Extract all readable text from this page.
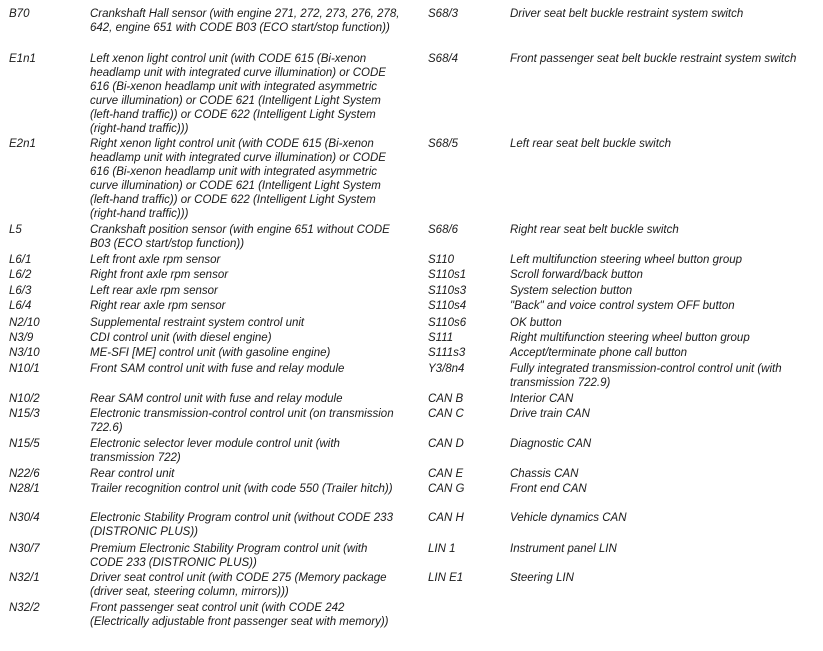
B70	Crankshaft Hall sensor (with engine 271, 272, 273, 276, 278, 642, engine 651 with CODE B03 (ECO start/stop function))
E1n1	Left xenon light control unit (with CODE 615 (Bi-xenon headlamp unit with integrated curve illumination) or CODE 616 (Bi-xenon headlamp unit with integrated asymmetric curve illumination) or CODE 621 (Intelligent Light System (left-hand traffic)) or CODE 622 (Intelligent Light System (right-hand traffic)))
E2n1	Right xenon light control unit (with CODE 615 (Bi-xenon headlamp unit with integrated curve illumination) or CODE 616 (Bi-xenon headlamp unit with integrated asymmetric curve illumination) or CODE 621 (Intelligent Light System (left-hand traffic)) or CODE 622 (Intelligent Light System (right-hand traffic)))
L5	Crankshaft position sensor (with engine 651 without CODE B03 (ECO start/stop function))
L6/1	Left front axle rpm sensor
L6/2	Right front axle rpm sensor
L6/3	Left rear axle rpm sensor
L6/4	Right rear axle rpm sensor
N2/10	Supplemental restraint system control unit
N3/9	CDI control unit (with diesel engine)
N3/10	ME-SFI [ME] control unit (with gasoline engine)
N10/1	Front SAM control unit with fuse and relay module
N10/2	Rear SAM control unit with fuse and relay module
N15/3	Electronic transmission-control control unit (on transmission 722.6)
N15/5	Electronic selector lever module control unit (with transmission 722)
N22/6	Rear control unit
N28/1	Trailer recognition control unit (with code 550 (Trailer hitch))
N30/4	Electronic Stability Program control unit (without CODE 233 (DISTRONIC PLUS))
N30/7	Premium Electronic Stability Program control unit (with CODE 233 (DISTRONIC PLUS))
N32/1	Driver seat control unit (with CODE 275 (Memory package (driver seat, steering column, mirrors)))
N32/2	Front passenger seat control unit (with CODE 242 (Electrically adjustable front passenger seat with memory))
S68/3	Driver seat belt buckle restraint system switch
S68/4	Front passenger seat belt buckle restraint system switch
S68/5	Left rear seat belt buckle switch
S68/6	Right rear seat belt buckle switch
S110	Left multifunction steering wheel button group
S110s1	Scroll forward/back button
S110s3	System selection button
S110s4	"Back" and voice control system OFF button
S110s6	OK button
S111	Right multifunction steering wheel button group
S111s3	Accept/terminate phone call button
Y3/8n4	Fully integrated transmission-control control unit (with transmission 722.9)
CAN B	Interior CAN
CAN C	Drive train CAN
CAN D	Diagnostic CAN
CAN E	Chassis CAN
CAN G	Front end CAN
CAN H	Vehicle dynamics CAN
LIN 1	Instrument panel LIN
LIN E1	Steering LIN
